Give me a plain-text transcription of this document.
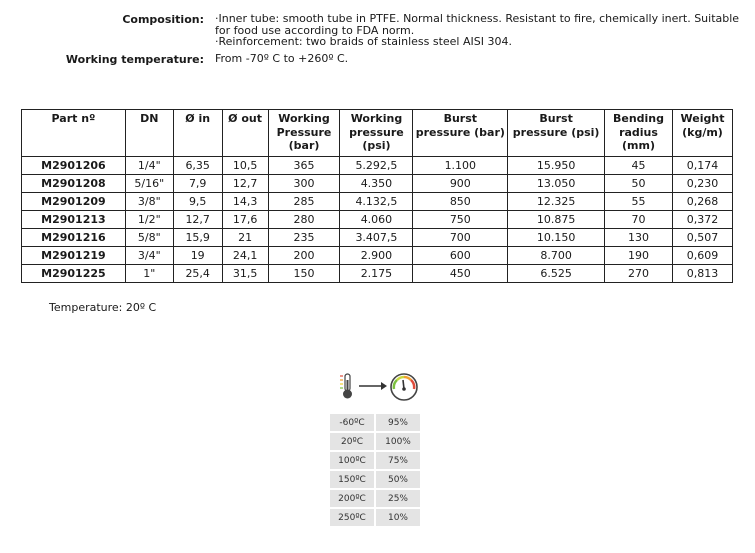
Composition: ·Inner tube: smooth tube in PTFE. Normal thickness. Resistant to fire, chemically inert. Suitable for food use according to FDA norm.
·Reinforcement: two braids of stainless steel AISI 304.
Working temperature: From -70º C to +260º C.
Part nº	DN	Ø in	Ø out	Working Pressure (bar)	Working pressure (psi)	Burst pressure (bar)	Burst pressure (psi)	Bending radius (mm)	Weight (kg/m)
M2901206	1/4"	6,35	10,5	365	5.292,5	1.100	15.950	45	0,174
M2901208	5/16"	7,9	12,7	300	4.350	900	13.050	50	0,230
M2901209	3/8"	9,5	14,3	285	4.132,5	850	12.325	55	0,268
M2901213	1/2"	12,7	17,6	280	4.060	750	10.875	70	0,372
M2901216	5/8"	15,9	21	235	3.407,5	700	10.150	130	0,507
M2901219	3/4"	19	24,1	200	2.900	600	8.700	190	0,609
M2901225	1"	25,4	31,5	150	2.175	450	6.525	270	0,813
Temperature: 20º C
-60ºC	95%
20ºC	100%
100ºC	75%
150ºC	50%
200ºC	25%
250ºC	10%
